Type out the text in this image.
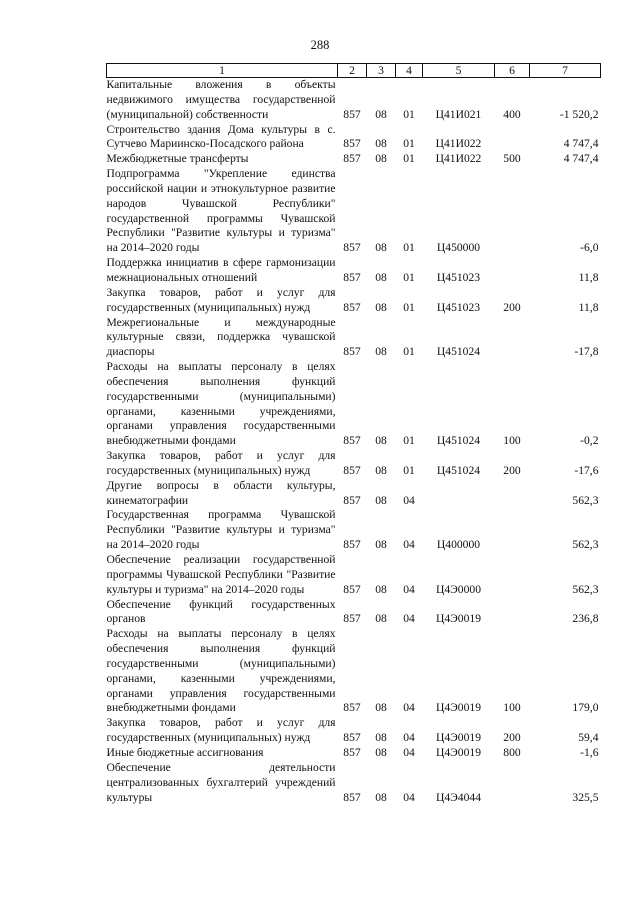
288
1	2	3	4	5	6	7
Капитальные вложения в объекты недвижимого имущества государственной (муниципальной) собственности	857	08	01	Ц41И021	400	-1 520,2
Строительство здания Дома культуры в с. Сутчево Мариинско-Посадского района	857	08	01	Ц41И022		4 747,4
Межбюджетные трансферты	857	08	01	Ц41И022	500	4 747,4
Подпрограмма "Укрепление единства российской нации и этнокультурное развитие народов Чувашской Республики" государственной программы Чувашской Республики "Развитие культуры и туризма" на 2014–2020 годы	857	08	01	Ц450000		-6,0
Поддержка инициатив в сфере гармонизации межнациональных отношений	857	08	01	Ц451023		11,8
Закупка товаров, работ и услуг для государственных (муниципальных) нужд	857	08	01	Ц451023	200	11,8
Межрегиональные и международные культурные связи, поддержка чувашской диаспоры	857	08	01	Ц451024		-17,8
Расходы на выплаты персоналу в целях обеспечения выполнения функций государственными (муниципальными) органами, казенными учреждениями, органами управления государственными внебюджетными фондами	857	08	01	Ц451024	100	-0,2
Закупка товаров, работ и услуг для государственных (муниципальных) нужд	857	08	01	Ц451024	200	-17,6
Другие вопросы в области культуры, кинематографии	857	08	04			562,3
Государственная программа Чувашской Республики "Развитие культуры и туризма" на 2014–2020 годы	857	08	04	Ц400000		562,3
Обеспечение реализации государственной программы Чувашской Республики "Развитие культуры и туризма" на 2014–2020 годы	857	08	04	Ц4Э0000		562,3
Обеспечение функций государственных органов	857	08	04	Ц4Э0019		236,8
Расходы на выплаты персоналу в целях обеспечения выполнения функций государственными (муниципальными) органами, казенными учреждениями, органами управления государственными внебюджетными фондами	857	08	04	Ц4Э0019	100	179,0
Закупка товаров, работ и услуг для государственных (муниципальных) нужд	857	08	04	Ц4Э0019	200	59,4
Иные бюджетные ассигнования	857	08	04	Ц4Э0019	800	-1,6
Обеспечение деятельности централизованных бухгалтерий учреждений культуры	857	08	04	Ц4Э4044		325,5
